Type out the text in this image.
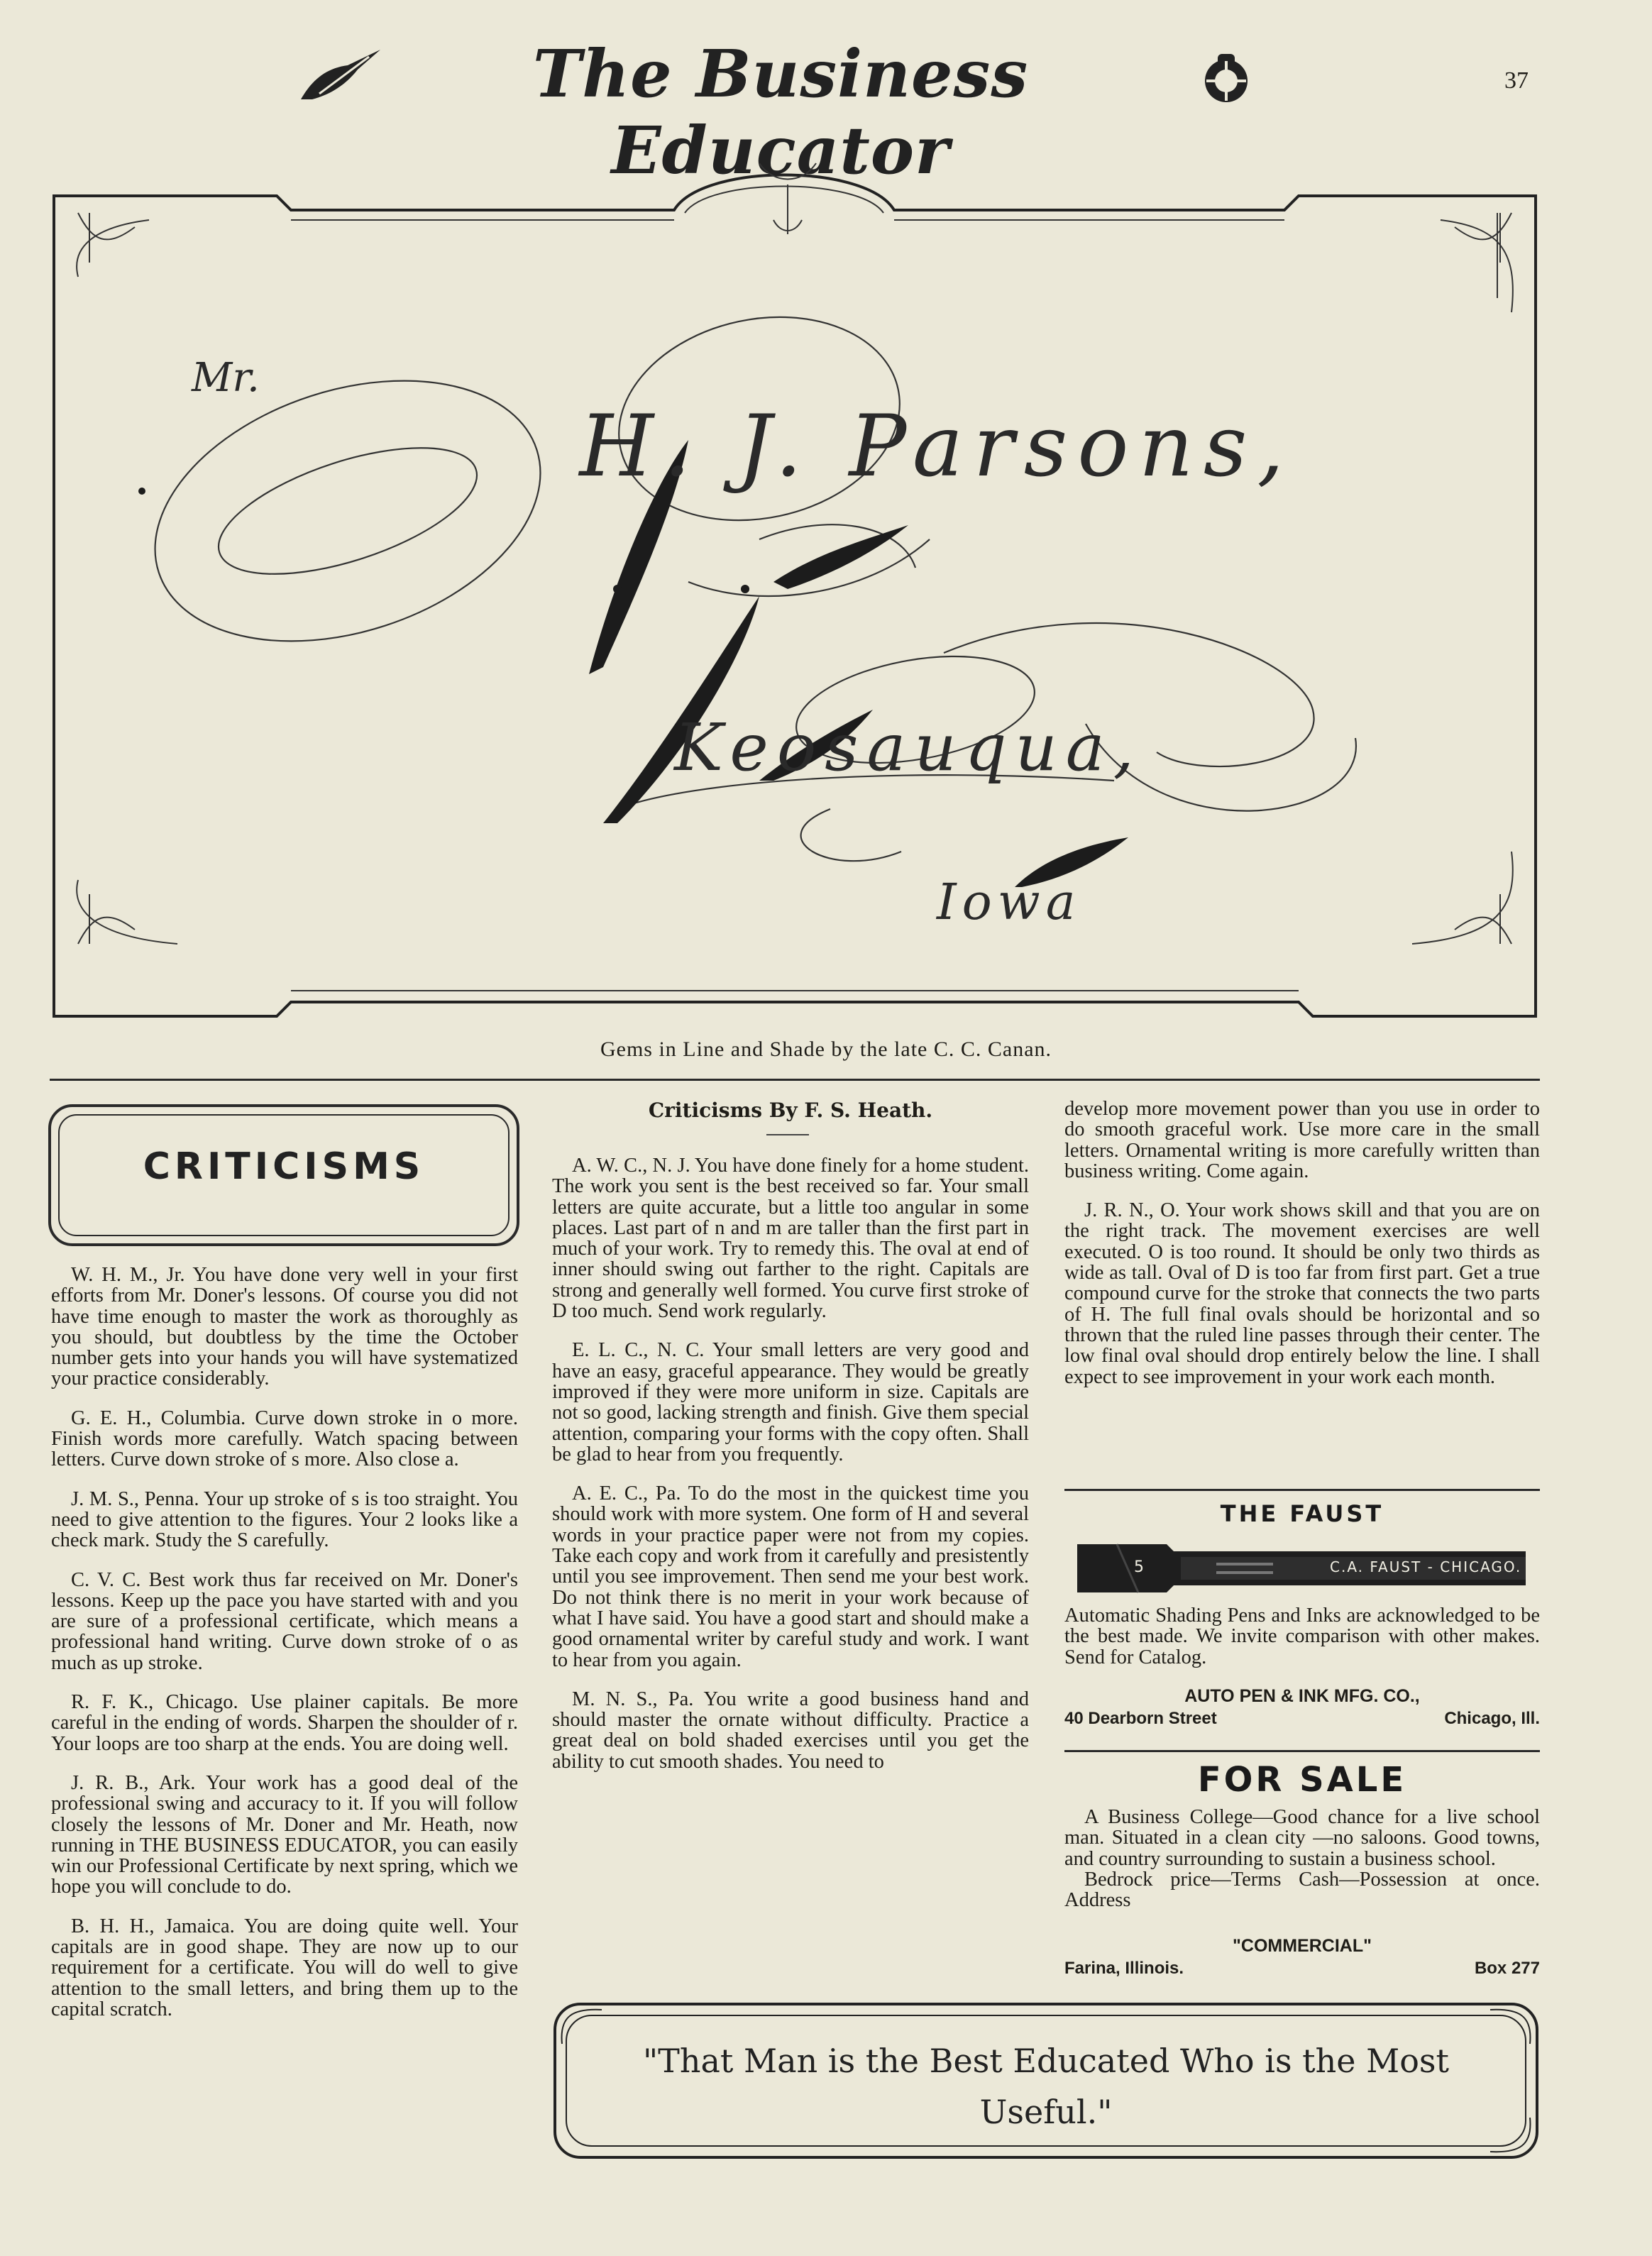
The Business Educator
37
Mr.
H. J. Parsons,
Keosauqua,
Iowa
Gems in Line and Shade by the late C. C. Canan.
CRITICISMS

W. H. M., Jr. You have done very well in your first efforts from Mr. Doner's lessons. Of course you did not have time enough to master the work as thoroughly as you should, but doubtless by the time the October number gets into your hands you will have systematized your practice considerably.

G. E. H., Columbia. Curve down stroke in o more. Finish words more carefully. Watch spacing between letters. Curve down stroke of s more. Also close a.

J. M. S., Penna. Your up stroke of s is too straight. You need to give attention to the figures. Your 2 looks like a check mark. Study the S carefully.

C. V. C. Best work thus far received on Mr. Doner's lessons. Keep up the pace you have started with and you are sure of a professional certificate, which means a professional hand writing. Curve down stroke of o as much as up stroke.

R. F. K., Chicago. Use plainer capitals. Be more careful in the ending of words. Sharpen the shoulder of r. Your loops are too sharp at the ends. You are doing well.

J. R. B., Ark. Your work has a good deal of the professional swing and accuracy to it. If you will follow closely the lessons of Mr. Doner and Mr. Heath, now running in THE BUSINESS EDUCATOR, you can easily win our Professional Certificate by next spring, which we hope you will conclude to do.

B. H. H., Jamaica. You are doing quite well. Your capitals are in good shape. They are now up to our requirement for a certificate. You will do well to give attention to the small letters, and bring them up to the capital scratch.

Criticisms By F. S. Heath.

A. W. C., N. J. You have done finely for a home student. The work you sent is the best received so far. Your small letters are quite accurate, but a little too angular in some places. Last part of n and m are taller than the first part in much of your work. Try to remedy this. The oval at end of inner should swing out farther to the right. Capitals are strong and generally well formed. You curve first stroke of D too much. Send work regularly.

E. L. C., N. C. Your small letters are very good and have an easy, graceful appearance. They would be greatly improved if they were more uniform in size. Capitals are not so good, lacking strength and finish. Give them special attention, comparing your forms with the copy often. Shall be glad to hear from you frequently.

A. E. C., Pa. To do the most in the quickest time you should work with more system. One form of H and several words in your practice paper were not from my copies. Take each copy and work from it carefully and presistently until you see improvement. Then send me your best work. Do not think there is no merit in your work because of what I have said. You have a good start and should make a good ornamental writer by careful study and work. I want to hear from you again.

M. N. S., Pa. You write a good business hand and should master the ornate without difficulty. Practice a great deal on bold shaded exercises until you get the ability to cut smooth shades. You need to

develop more movement power than you use in order to do smooth graceful work. Use more care in the small letters. Ornamental writing is more carefully written than business writing. Come again.

J. R. N., O. Your work shows skill and that you are on the right track. The movement exercises are well executed. O is too round. It should be only two thirds as wide as tall. Oval of D is too far from first part. Get a true compound curve for the stroke that connects the two parts of H. The full final ovals should be horizontal and so thrown that the ruled line passes through their center. The low final oval should drop entirely below the line. I shall expect to see improvement in your work each month.

THE FAUST
5	C.A. FAUST - CHICAGO.
Automatic Shading Pens and Inks are acknowledged to be the best made. We invite comparison with other makes. Send for Catalog.
AUTO PEN & INK MFG. CO.,
40 Dearborn Street	Chicago, Ill.
FOR SALE
A Business College—Good chance for a live school man. Situated in a clean city —no saloons. Good towns, and country surrounding to sustain a business school.
Bedrock price—Terms Cash—Possession at once. Address
"COMMERCIAL"
Farina, Illinois.	Box 277
"That Man is the Best Educated Who is the Most Useful."
